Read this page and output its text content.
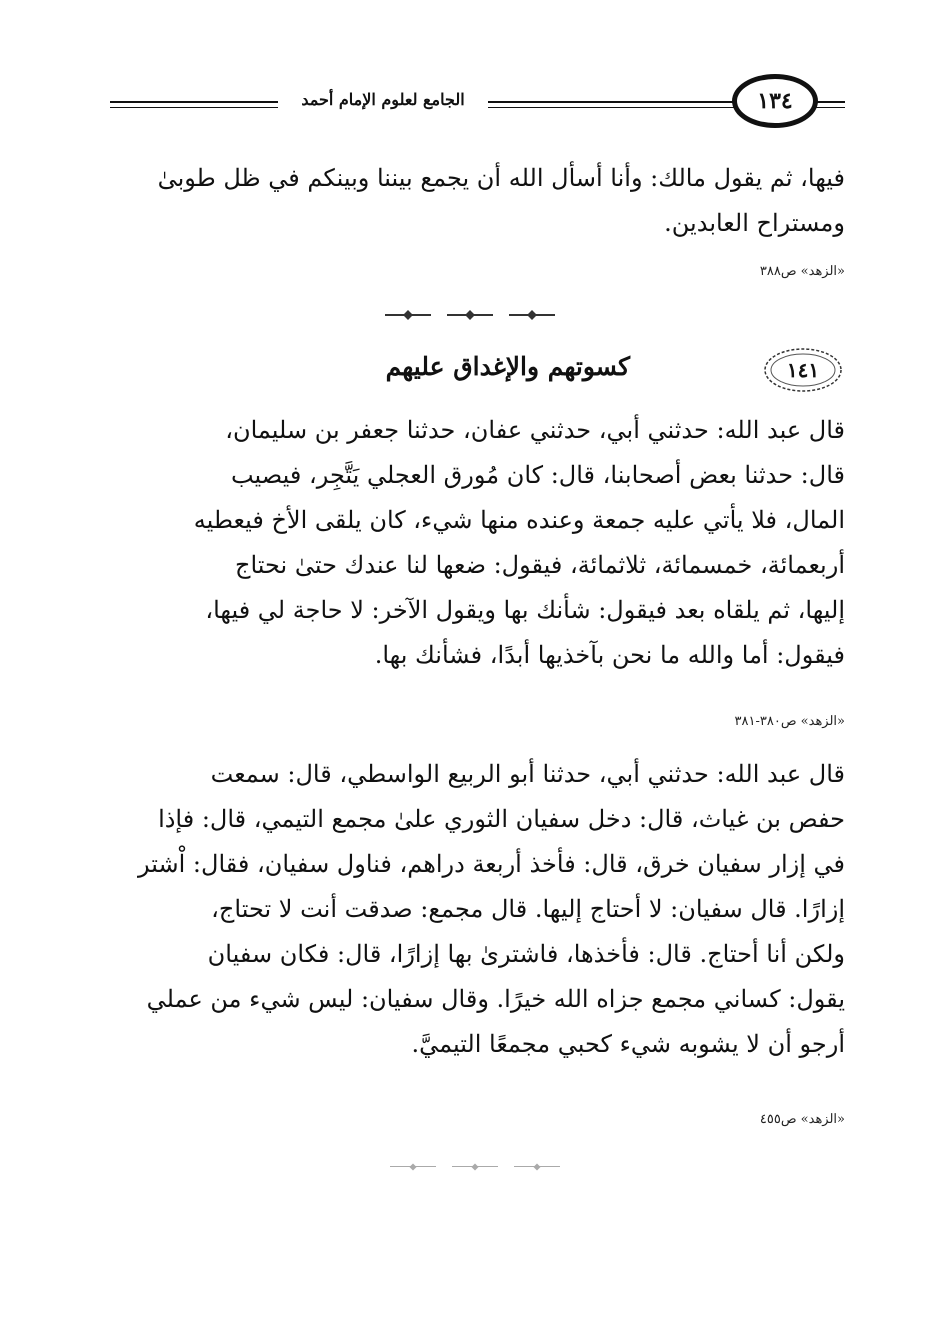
الجامع لعلوم الإمام أحمد	١٣٤
فيها، ثم يقول مالك: وأنا أسأل الله أن يجمع بيننا وبينكم في ظل طوبىٰ
ومستراح العابدين.
«الزهد» ص٣٨٨
١٤١
كسوتهم والإغداق عليهم
قال عبد الله: حدثني أبي، حدثني عفان، حدثنا جعفر بن سليمان،
قال: حدثنا بعض أصحابنا، قال: كان مُورق العجلي يَتَّجِر، فيصيب
المال، فلا يأتي عليه جمعة وعنده منها شيء، كان يلقى الأخ فيعطيه
أربعمائة، خمسمائة، ثلاثمائة، فيقول: ضعها لنا عندك حتىٰ نحتاج
إليها، ثم يلقاه بعد فيقول: شأنك بها ويقول الآخر: لا حاجة لي فيها،
فيقول: أما والله ما نحن بآخذيها أبدًا، فشأنك بها.
«الزهد» ص٣٨٠-٣٨١
قال عبد الله: حدثني أبي، حدثنا أبو الربيع الواسطي، قال: سمعت
حفص بن غياث، قال: دخل سفيان الثوري علىٰ مجمع التيمي، قال: فإذا
في إزار سفيان خرق، قال: فأخذ أربعة دراهم، فناول سفيان، فقال: اْشتر
إزارًا. قال سفيان: لا أحتاج إليها. قال مجمع: صدقت أنت لا تحتاج،
ولكن أنا أحتاج. قال: فأخذها، فاشترىٰ بها إزارًا، قال: فكان سفيان
يقول: كساني مجمع جزاه الله خيرًا. وقال سفيان: ليس شيء من عملي
أرجو أن لا يشوبه شيء كحبي مجمعًا التيميَّ.
«الزهد» ص٤٥٥
